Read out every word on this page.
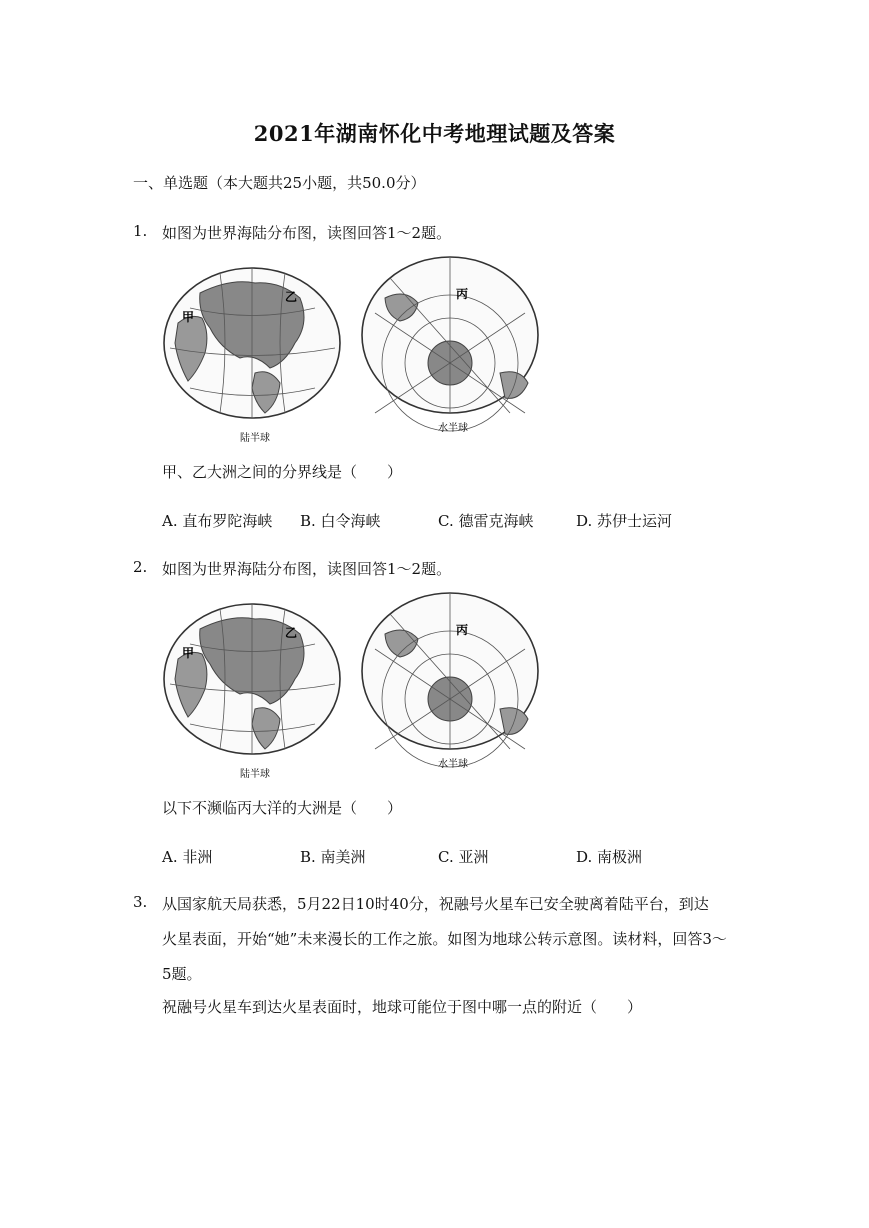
2021年湖南怀化中考地理试题及答案
一、单选题（本大题共25小题，共50.0分）
1. 如图为世界海陆分布图，读图回答1～2题。
甲
乙
陆半球
丙
水半球
甲、乙大洲之间的分界线是（　　）
A. 直布罗陀海峡 B. 白令海峡	C. 德雷克海峡	D. 苏伊士运河
2. 如图为世界海陆分布图，读图回答1～2题。
甲
乙
陆半球
丙
水半球
以下不濒临丙大洋的大洲是（　　）
A. 非洲	B. 南美洲	C. 亚洲	D. 南极洲
3. 从国家航天局获悉，5月22日10时40分，祝融号火星车已安全驶离着陆平台，到达
火星表面，开始“她”未来漫长的工作之旅。如图为地球公转示意图。读材料，回答3～
5题。
祝融号火星车到达火星表面时，地球可能位于图中哪一点的附近（　　）
